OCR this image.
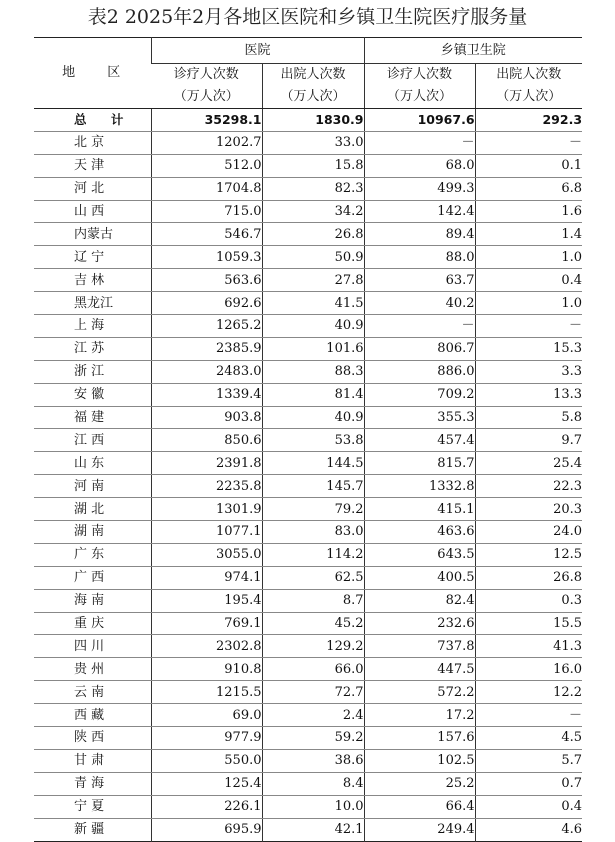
表2 2025年2月各地区医院和乡镇卫生院医疗服务量
地 区	医院		乡镇卫生院	
	诊疗人次数	出院人次数	诊疗人次数	出院人次数
	（万人次）	（万人次）	（万人次）	（万人次）
总 计	35298.1	1830.9	10967.6	292.3
北 京	1202.7	33.0	－	－
天 津	512.0	15.8	68.0	0.1
河 北	1704.8	82.3	499.3	6.8
山 西	715.0	34.2	142.4	1.6
内蒙古	546.7	26.8	89.4	1.4
辽 宁	1059.3	50.9	88.0	1.0
吉 林	563.6	27.8	63.7	0.4
黑龙江	692.6	41.5	40.2	1.0
上 海	1265.2	40.9	－	－
江 苏	2385.9	101.6	806.7	15.3
浙 江	2483.0	88.3	886.0	3.3
安 徽	1339.4	81.4	709.2	13.3
福 建	903.8	40.9	355.3	5.8
江 西	850.6	53.8	457.4	9.7
山 东	2391.8	144.5	815.7	25.4
河 南	2235.8	145.7	1332.8	22.3
湖 北	1301.9	79.2	415.1	20.3
湖 南	1077.1	83.0	463.6	24.0
广 东	3055.0	114.2	643.5	12.5
广 西	974.1	62.5	400.5	26.8
海 南	195.4	8.7	82.4	0.3
重 庆	769.1	45.2	232.6	15.5
四 川	2302.8	129.2	737.8	41.3
贵 州	910.8	66.0	447.5	16.0
云 南	1215.5	72.7	572.2	12.2
西 藏	69.0	2.4	17.2	－
陕 西	977.9	59.2	157.6	4.5
甘 肃	550.0	38.6	102.5	5.7
青 海	125.4	8.4	25.2	0.7
宁 夏	226.1	10.0	66.4	0.4
新 疆	695.9	42.1	249.4	4.6
